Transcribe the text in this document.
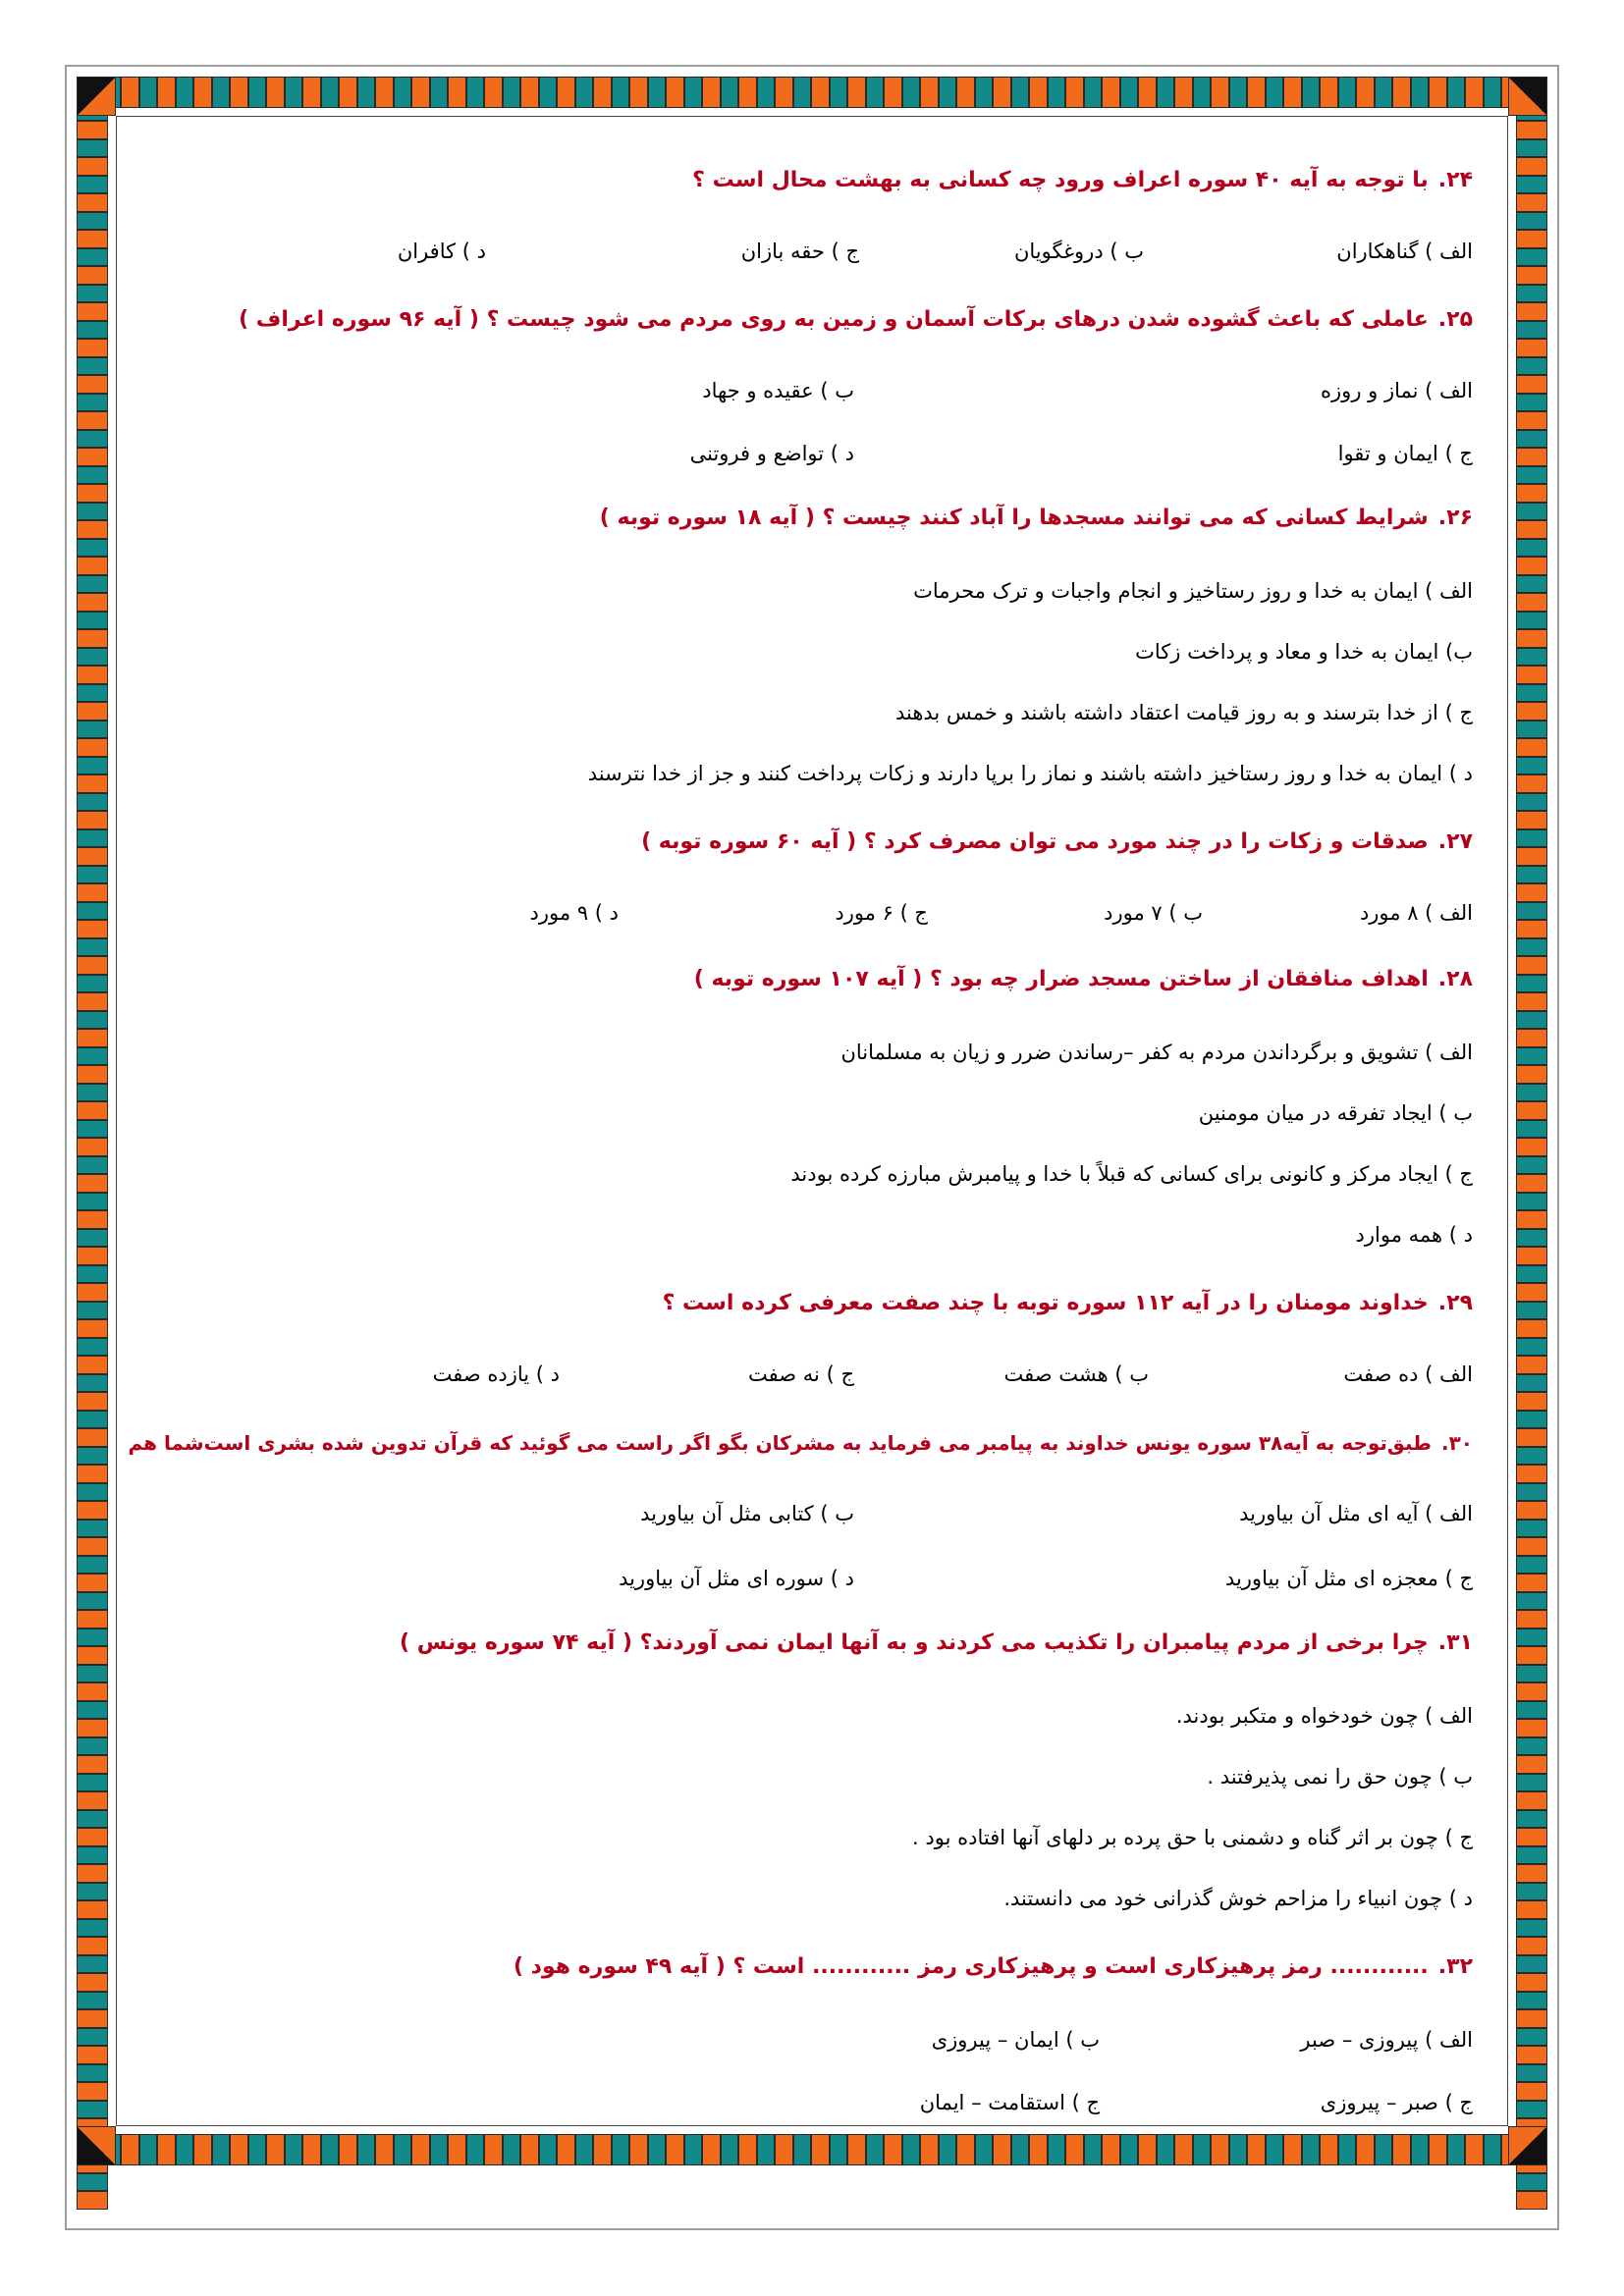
۲۴.با توجه به آیه ۴۰ سوره اعراف ورود چه کسانی به بهشت محال است ؟

الف ) گناهکاران
ب ) دروغگویان
ج ) حقه بازان
د ) کافران

۲۵.عاملی که باعث گشوده شدن درهای برکات آسمان و زمین به روی مردم می شود چیست ؟ ( آیه ۹۶ سوره اعراف )

الف ) نماز و روزه
ب ) عقیده و جهاد
ج ) ایمان و تقوا
د ) تواضع و فروتنی

۲۶.شرایط کسانی که می توانند مسجدها را آباد کنند چیست ؟ ( آیه ۱۸ سوره توبه )

الف ) ایمان به خدا و روز رستاخیز و انجام واجبات و ترک محرمات
ب) ایمان به خدا و معاد و پرداخت زکات
ج ) از خدا بترسند و به روز قیامت اعتقاد داشته باشند و خمس بدهند
د ) ایمان به خدا و روز رستاخیز داشته باشند و نماز را برپا دارند و زکات پرداخت کنند و جز از خدا نترسند

۲۷.صدقات و زکات را در چند مورد می توان مصرف کرد ؟ ( آیه ۶۰ سوره توبه )

الف ) ۸ مورد
ب ) ۷ مورد
ج ) ۶ مورد
د ) ۹ مورد

۲۸.اهداف منافقان از ساختن مسجد ضرار چه بود ؟ ( آیه ۱۰۷ سوره توبه )

الف ) تشویق و برگرداندن مردم به کفر –رساندن ضرر و زیان به مسلمانان
ب ) ایجاد تفرقه در میان مومنین
ج ) ایجاد مرکز و کانونی برای کسانی که قبلاً با خدا و پیامبرش مبارزه کرده بودند
د ) همه موارد

۲۹.خداوند مومنان را در آیه ۱۱۲ سوره توبه با چند صفت معرفی کرده است ؟

الف ) ده صفت
ب ) هشت صفت
ج ) نه صفت
د ) یازده صفت

۳۰.طبق‌توجه به آیه۳۸ سوره یونس خداوند به پیامبر می فرماید به مشرکان بگو اگر راست می گوئید که قرآن تدوین شده بشری است‌شما هم

الف ) آیه ای مثل آن بیاورید
ب ) کتابی مثل آن بیاورید
ج ) معجزه ای مثل آن بیاورید
د ) سوره ای مثل آن بیاورید

۳۱.چرا برخی از مردم پیامبران را تکذیب می کردند و به آنها ایمان نمی آوردند؟ ( آیه ۷۴ سوره یونس )

الف ) چون خودخواه و متکبر بودند.
ب ) چون حق را نمی پذیرفتند .
ج ) چون بر اثر گناه و دشمنی با حق پرده بر دلهای آنها افتاده بود .
د ) چون انبیاء را مزاحم خوش گذرانی خود می دانستند.

۳۲............. رمز پرهیزکاری است و پرهیزکاری رمز ............ است ؟ ( آیه ۴۹ سوره هود )

الف ) پیروزی – صبر
ب ) ایمان – پیروزی
ج ) صبر – پیروزی
ج ) استقامت – ایمان
